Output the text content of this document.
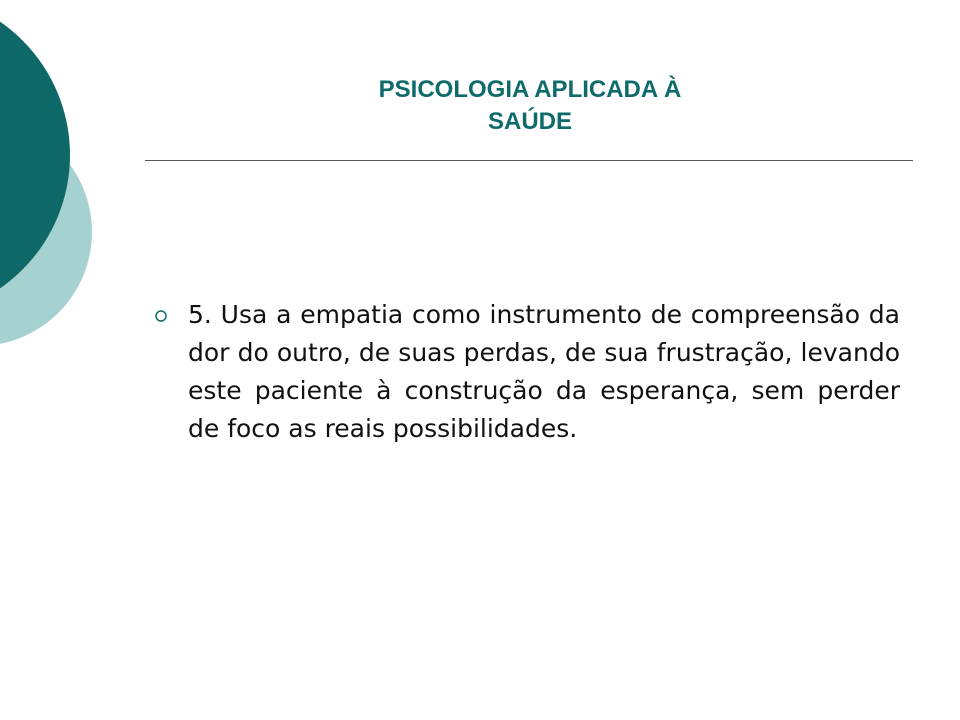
PSICOLOGIA APLICADA À
SAÚDE
5. Usa a empatia como instrumento de compreensão da dor do outro, de suas perdas, de sua frustração, levando este paciente à construção da esperança, sem perder de foco as reais possibilidades.
